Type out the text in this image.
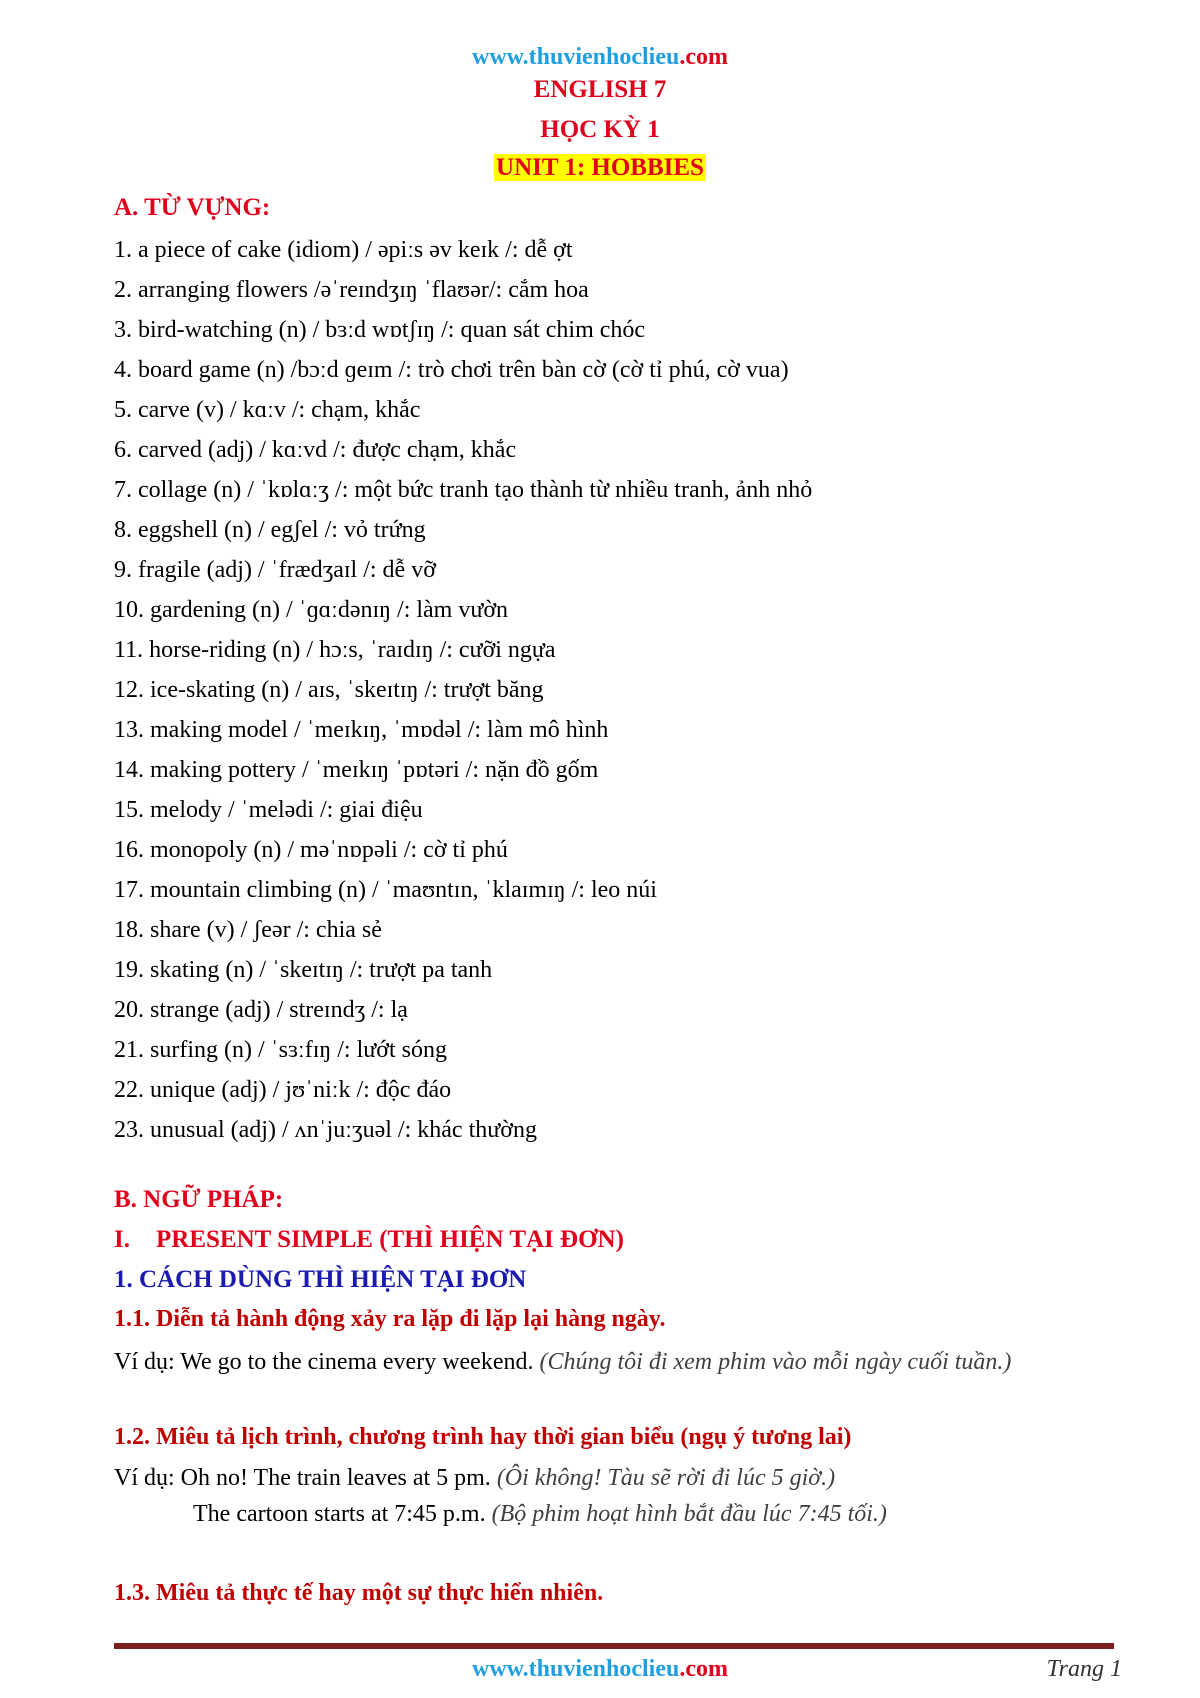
www.thuvienhoclieu.com
ENGLISH 7
HỌC KỲ 1
UNIT 1: HOBBIES
A. TỪ VỰNG:
1. a piece of cake (idiom) / əpiːs əv keɪk /: dễ ợt
2. arranging flowers /əˈreɪndʒɪŋ ˈflaʊər/: cắm hoa
3. bird-watching (n) / bɜːd wɒtʃɪŋ /: quan sát chim chóc
4. board game (n) /bɔːd ɡeɪm /: trò chơi trên bàn cờ (cờ tỉ phú, cờ vua)
5. carve (v) / kɑːv /: chạm, khắc
6. carved (adj) / kɑːvd /: được chạm, khắc
7. collage (n) / ˈkɒlɑːʒ /: một bức tranh tạo thành từ nhiều tranh, ảnh nhỏ
8. eggshell (n) / egʃel /: vỏ trứng
9. fragile (adj) / ˈfrædʒaɪl /: dễ vỡ
10. gardening (n) / ˈɡɑːdənɪŋ /: làm vườn
11. horse-riding (n) / hɔːs, ˈraɪdɪŋ /: cưỡi ngựa
12. ice-skating (n) / aɪs, ˈskeɪtɪŋ /: trượt băng
13. making model / ˈmeɪkɪŋ, ˈmɒdəl /: làm mô hình
14. making pottery / ˈmeɪkɪŋ ˈpɒtəri /: nặn đồ gốm
15. melody / ˈmelədi /: giai điệu
16. monopoly (n) / məˈnɒpəli /: cờ tỉ phú
17. mountain climbing (n) / ˈmaʊntɪn, ˈklaɪmɪŋ /: leo núi
18. share (v) / ʃeər /: chia sẻ
19. skating (n) / ˈskeɪtɪŋ /: trượt pa tanh
20. strange (adj) / streɪndʒ /: lạ
21. surfing (n) / ˈsɜːfɪŋ /: lướt sóng
22. unique (adj) / jʊˈniːk /: độc đáo
23. unusual (adj) / ʌnˈjuːʒuəl /: khác thường
B. NGỮ PHÁP:
I. PRESENT SIMPLE (THÌ HIỆN TẠI ĐƠN)
1. CÁCH DÙNG THÌ HIỆN TẠI ĐƠN
1.1. Diễn tả hành động xảy ra lặp đi lặp lại hàng ngày.
Ví dụ: We go to the cinema every weekend. (Chúng tôi đi xem phim vào mỗi ngày cuối tuần.)
1.2. Miêu tả lịch trình, chương trình hay thời gian biểu (ngụ ý tương lai)
Ví dụ: Oh no! The train leaves at 5 pm. (Ôi không! Tàu sẽ rời đi lúc 5 giờ.)
The cartoon starts at 7:45 p.m. (Bộ phim hoạt hình bắt đầu lúc 7:45 tối.)
1.3. Miêu tả thực tế hay một sự thực hiển nhiên.
www.thuvienhoclieu.com	Trang 1
